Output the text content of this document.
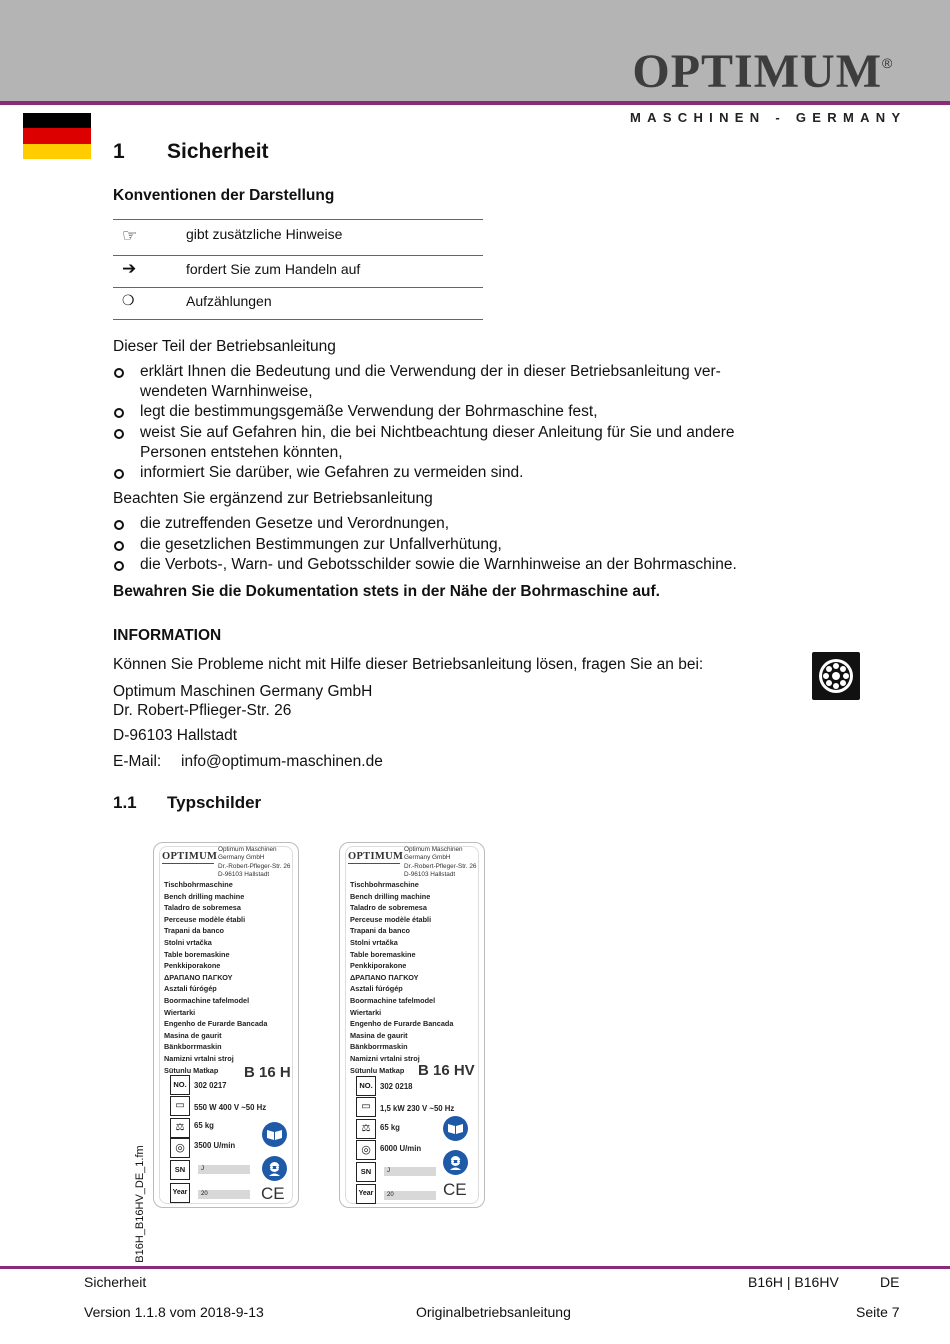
OPTIMUM ®
MASCHINEN - GERMANY
1 Sicherheit
Konventionen der Darstellung
☞	gibt zusätzliche Hinweise
➔	fordert Sie zum Handeln auf
❍	Aufzählungen
Dieser Teil der Betriebsanleitung
erklärt Ihnen die Bedeutung und die Verwendung der in dieser Betriebsanleitung ver-
wendeten Warnhinweise,
legt die bestimmungsgemäße Verwendung der Bohrmaschine fest,
weist Sie auf Gefahren hin, die bei Nichtbeachtung dieser Anleitung für Sie und andere
Personen entstehen könnten,
informiert Sie darüber, wie Gefahren zu vermeiden sind.
Beachten Sie ergänzend zur Betriebsanleitung
die zutreffenden Gesetze und Verordnungen,
die gesetzlichen Bestimmungen zur Unfallverhütung,
die Verbots-, Warn- und Gebotsschilder sowie die Warnhinweise an der Bohrmaschine.
Bewahren Sie die Dokumentation stets in der Nähe der Bohrmaschine auf.
INFORMATION
Können Sie Probleme nicht mit Hilfe dieser Betriebsanleitung lösen, fragen Sie an bei:
Optimum Maschinen Germany GmbH
Dr. Robert-Pflieger-Str. 26
D-96103 Hallstadt
E-Mail: info@optimum-maschinen.de
1.1 Typschilder
OPTIMUM
Optimum Maschinen
Germany GmbH
Dr.-Robert-Pfleger-Str. 26
D-96103 Hallstadt
Tischbohrmaschine
Bench drilling machine
Taladro de sobremesa
Perceuse modèle établi
Trapani da banco
Stolni vrtačka
Table boremaskine
Penkkiporakone
ΔΡΑΠΑΝΟ ΠΑΓΚΟΥ
Asztali fúrógép
Boormachine tafelmodel
Wiertarki
Engenho de Furarde Bancada
Masina de gaurit
Bänkborrmaskin
Namizni vrtalni stroj
Sütunlu Matkap	B 16 H
NO. 302 0217
▭	550 W 400 V ~50 Hz
⚖	65 kg
◎	3500 U/min
SN	J
Year	20	CE
OPTIMUM
Optimum Maschinen
Germany GmbH
Dr.-Robert-Pfleger-Str. 26
D-96103 Hallstadt
Tischbohrmaschine
Bench drilling machine
Taladro de sobremesa
Perceuse modèle établi
Trapani da banco
Stolni vrtačka
Table boremaskine
Penkkiporakone
ΔΡΑΠΑΝΟ ΠΑΓΚΟΥ
Asztali fúrógép
Boormachine tafelmodel
Wiertarki
Engenho de Furarde Bancada
Masina de gaurit
Bänkborrmaskin
Namizni vrtalni stroj
Sütunlu Matkap B 16 HV
NO. 302 0218
▭	1,5 kW 230 V ~50 Hz
⚖	65 kg
◎	6000 U/min
SN	J
Year	20	CE
B16H_B16HV_DE_1.fm
Sicherheit	B16H | B16HV	DE
Version 1.1.8 vom 2018-9-13	Originalbetriebsanleitung	Seite 7
